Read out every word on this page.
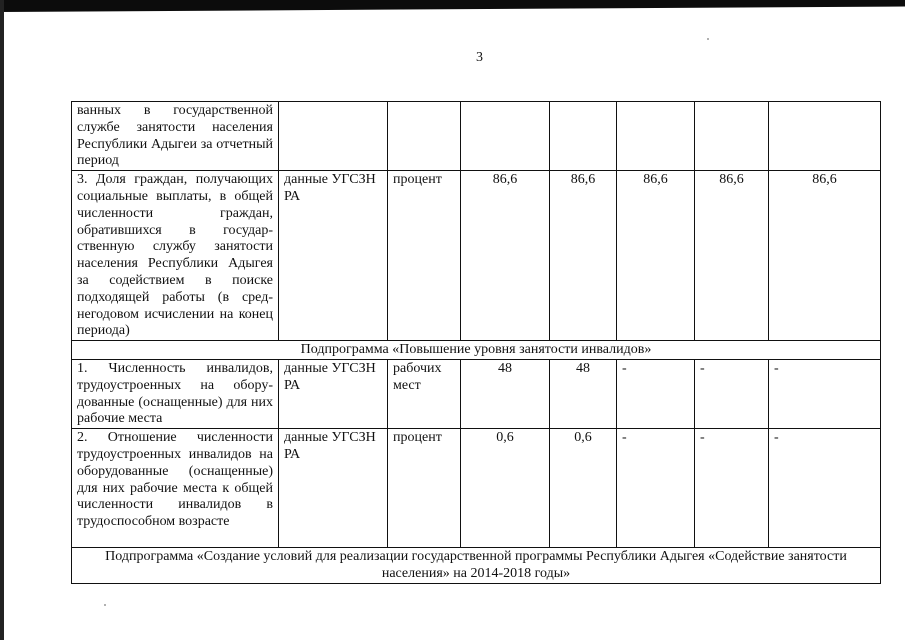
3
ванных в государственной службе занятости населения Республики Адыгеи за отчетный период							
3. Доля граждан, получающих социальные выплаты, в общей численности граждан, обратившихся в государственную службу занятости населения Республики Адыгея за содействием в поиске подходящей работы (в среднегодовом исчислении на конец периода)	данные УГСЗН РА	процент	86,6	86,6	86,6	86,6	86,6
Подпрограмма «Повышение уровня занятости инвалидов»							
1. Численность инвалидов, трудоустроенных на оборудованные (оснащенные) для них рабочие места	данные УГСЗН РА	рабочих мест	48	48	-	-	-
2. Отношение численности трудоустроенных инвалидов на оборудованные (оснащенные) для них рабочие места к общей численности инвалидов в трудоспособном возрасте	данные УГСЗН РА	процент	0,6	0,6	-	-	-
Подпрограмма «Создание условий для реализации государственной программы Республики Адыгея «Содействие занятости населения» на 2014-2018 годы»							
